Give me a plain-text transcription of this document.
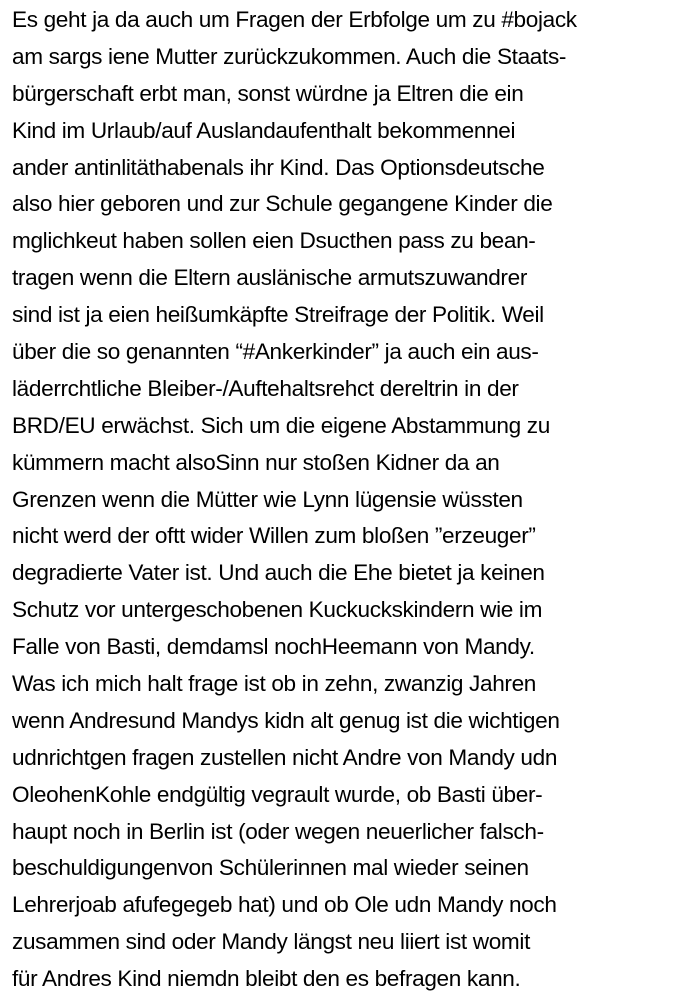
Es geht ja da auch um Fragen der Erbfolge um zu #bojack
am sargs iene Mutter zurückzukommen. Auch die Staats-
bürgerschaft erbt man, sonst würdne ja Eltren die ein
Kind im Urlaub/auf Auslandaufenthalt bekommennei
ander antinlitäthabenals ihr Kind. Das Optionsdeutsche
also hier geboren und zur Schule gegangene Kinder die
mglichkeut haben sollen eien Dsucthen pass zu bean-
tragen wenn die Eltern auslänische armutszuwandrer
sind ist ja eien heißumkäpfte Streifrage der Politik. Weil
über die so genannten “#Ankerkinder” ja auch ein aus-
läderrchtliche Bleiber-/Auftehaltsrehct dereltrin in der
BRD/EU erwächst. Sich um die eigene Abstammung zu
kümmern macht alsoSinn nur stoßen Kidner da an
Grenzen wenn die Mütter wie Lynn lügensie wüssten
nicht werd der oftt wider Willen zum bloßen ”erzeuger”
degradierte Vater ist. Und auch die Ehe bietet ja keinen
Schutz vor untergeschobenen Kuckuckskindern wie im
Falle von Basti, demdamsl nochHeemann von Mandy.
Was ich mich halt frage ist ob in zehn, zwanzig Jahren
wenn Andresund Mandys kidn alt genug ist die wichtigen
udnrichtgen fragen zustellen nicht Andre von Mandy udn
OleohenKohle endgültig vegrault wurde, ob Basti über-
haupt noch in Berlin ist (oder wegen neuerlicher falsch-
beschuldigungenvon Schülerinnen mal wieder seinen
Lehrerjoab afufegegeb hat) und ob Ole udn Mandy noch
zusammen sind oder Mandy längst neu liiert ist womit
für Andres Kind niemdn bleibt den es befragen kann.
